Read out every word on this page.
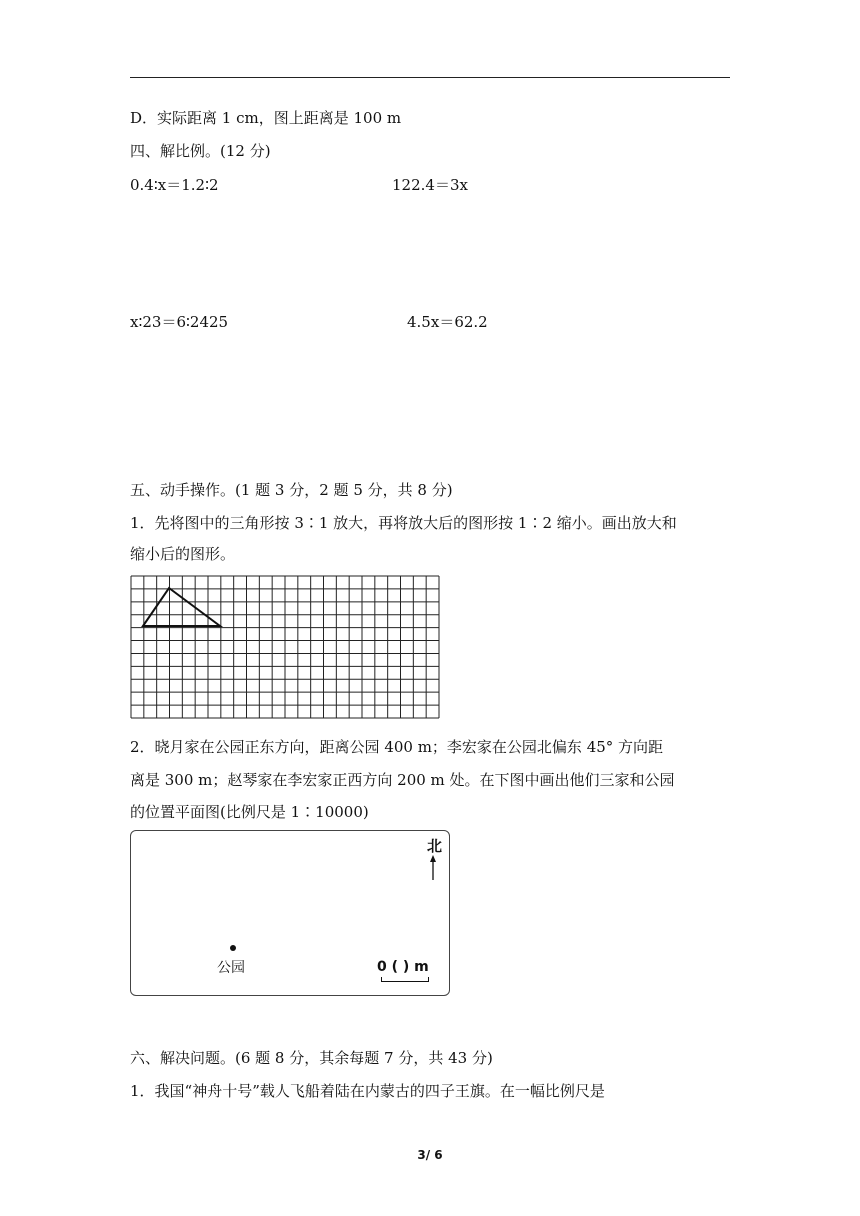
D．实际距离 1 cm，图上距离是 100 m
四、解比例。(12 分)
0.4∶x＝1.2∶2	122.4＝3x
x∶23＝6∶2425	4.5x＝62.2
五、动手操作。(1 题 3 分，2 题 5 分，共 8 分)
1．先将图中的三角形按 3∶1 放大，再将放大后的图形按 1∶2 缩小。画出放大和
缩小后的图形。
2．晓月家在公园正东方向，距离公园 400 m；李宏家在公园北偏东 45° 方向距
离是 300 m；赵琴家在李宏家正西方向 200 m 处。在下图中画出他们三家和公园
的位置平面图(比例尺是 1∶10000)
北
公园	0 ( ) m
六、解决问题。(6 题 8 分，其余每题 7 分，共 43 分)
1．我国“神舟十号”载人飞船着陆在内蒙古的四子王旗。在一幅比例尺是
3/ 6
